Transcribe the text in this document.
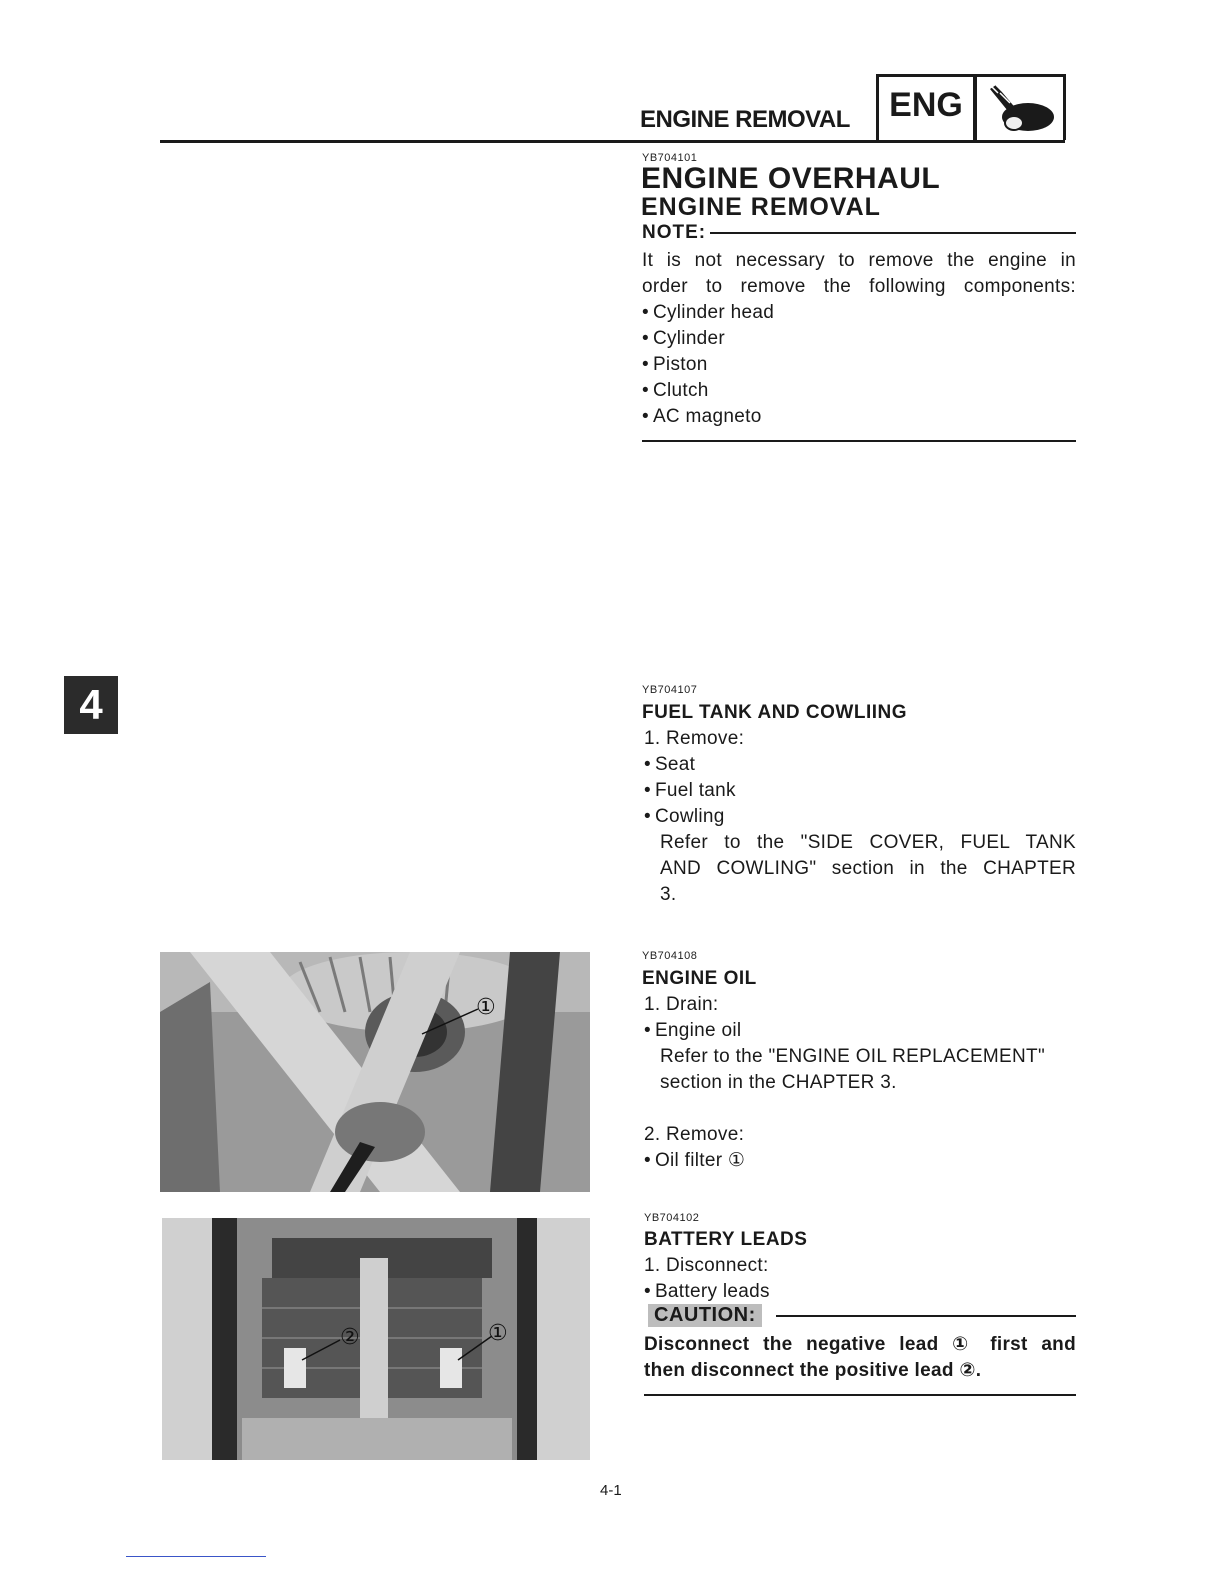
ENGINE REMOVAL	ENG
4
YB704101
ENGINE OVERHAUL
ENGINE REMOVAL
NOTE:
It is not necessary to remove the engine in
order to remove the following components:
• Cylinder head
• Cylinder
• Piston
• Clutch
• AC magneto
YB704107
FUEL TANK AND COWLIING
1. Remove:
• Seat
• Fuel tank
• Cowling
Refer to the "SIDE COVER, FUEL TANK
AND COWLING" section in the CHAPTER
3.
YB704108
ENGINE OIL
1. Drain:
• Engine oil
Refer to the "ENGINE OIL REPLACEMENT"
section in the CHAPTER 3.
2. Remove:
• Oil filter ①
YB704102
BATTERY LEADS
1. Disconnect:
• Battery leads
CAUTION:
Disconnect the negative lead ① first and
then disconnect the positive lead ②.
①
②	①
4-1
